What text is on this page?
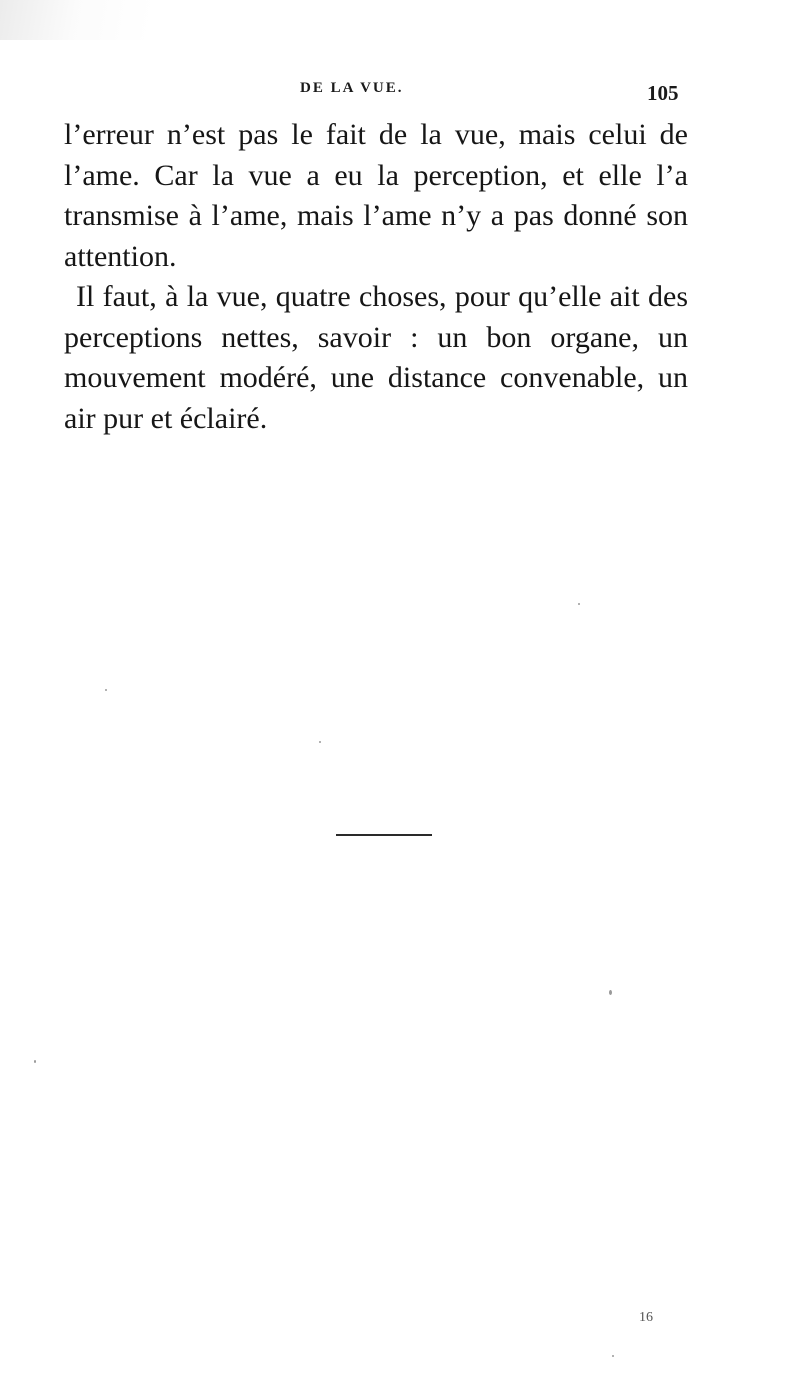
DE LA VUE.	105

l’erreur n’est pas le fait de la vue, mais celui de l’ame. Car la vue a eu la perception, et elle l’a transmise à l’ame, mais l’ame n’y a pas donné son attention.

Il faut, à la vue, quatre choses, pour qu’elle ait des perceptions nettes, savoir : un bon organe, un mouvement modéré, une distance convenable, un air pur et éclairé.

16
